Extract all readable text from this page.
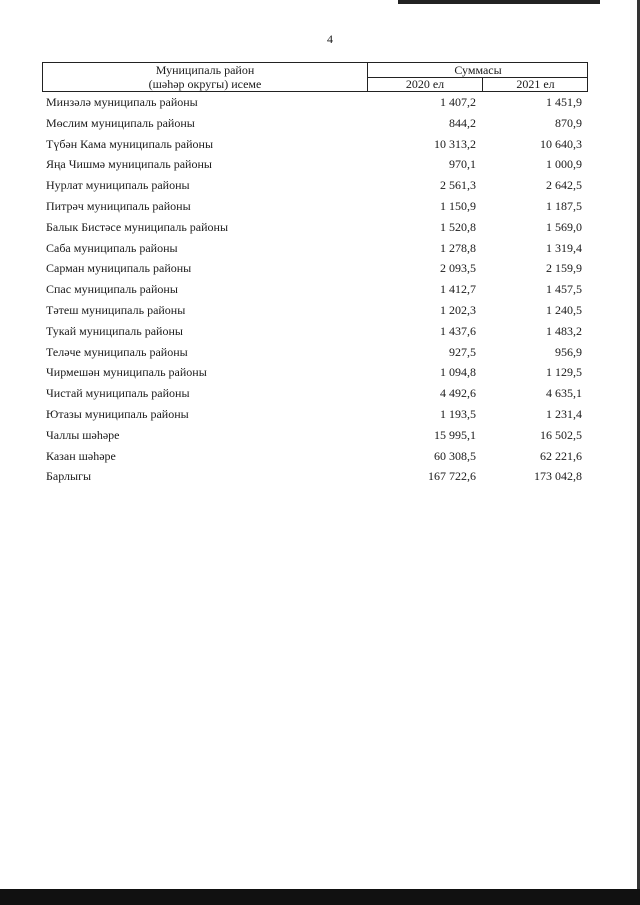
4
Муниципаль район
(шәһәр округы) исеме
Суммасы
2020 ел	2021 ел
Минзәлә муниципаль районы	1 407,2	1 451,9
Мөслим муниципаль районы	844,2	870,9
Түбән Кама муниципаль районы	10 313,2	10 640,3
Яңа Чишмә муниципаль районы	970,1	1 000,9
Нурлат муниципаль районы	2 561,3	2 642,5
Питрәч муниципаль районы	1 150,9	1 187,5
Балык Бистәсе муниципаль районы	1 520,8	1 569,0
Саба муниципаль районы	1 278,8	1 319,4
Сарман муниципаль районы	2 093,5	2 159,9
Спас муниципаль районы	1 412,7	1 457,5
Тәтеш муниципаль районы	1 202,3	1 240,5
Тукай муниципаль районы	1 437,6	1 483,2
Теләче муниципаль районы	927,5	956,9
Чирмешән муниципаль районы	1 094,8	1 129,5
Чистай муниципаль районы	4 492,6	4 635,1
Ютазы муниципаль районы	1 193,5	1 231,4
Чаллы шәһәре	15 995,1	16 502,5
Казан шәһәре	60 308,5	62 221,6
Барлыгы	167 722,6	173 042,8
